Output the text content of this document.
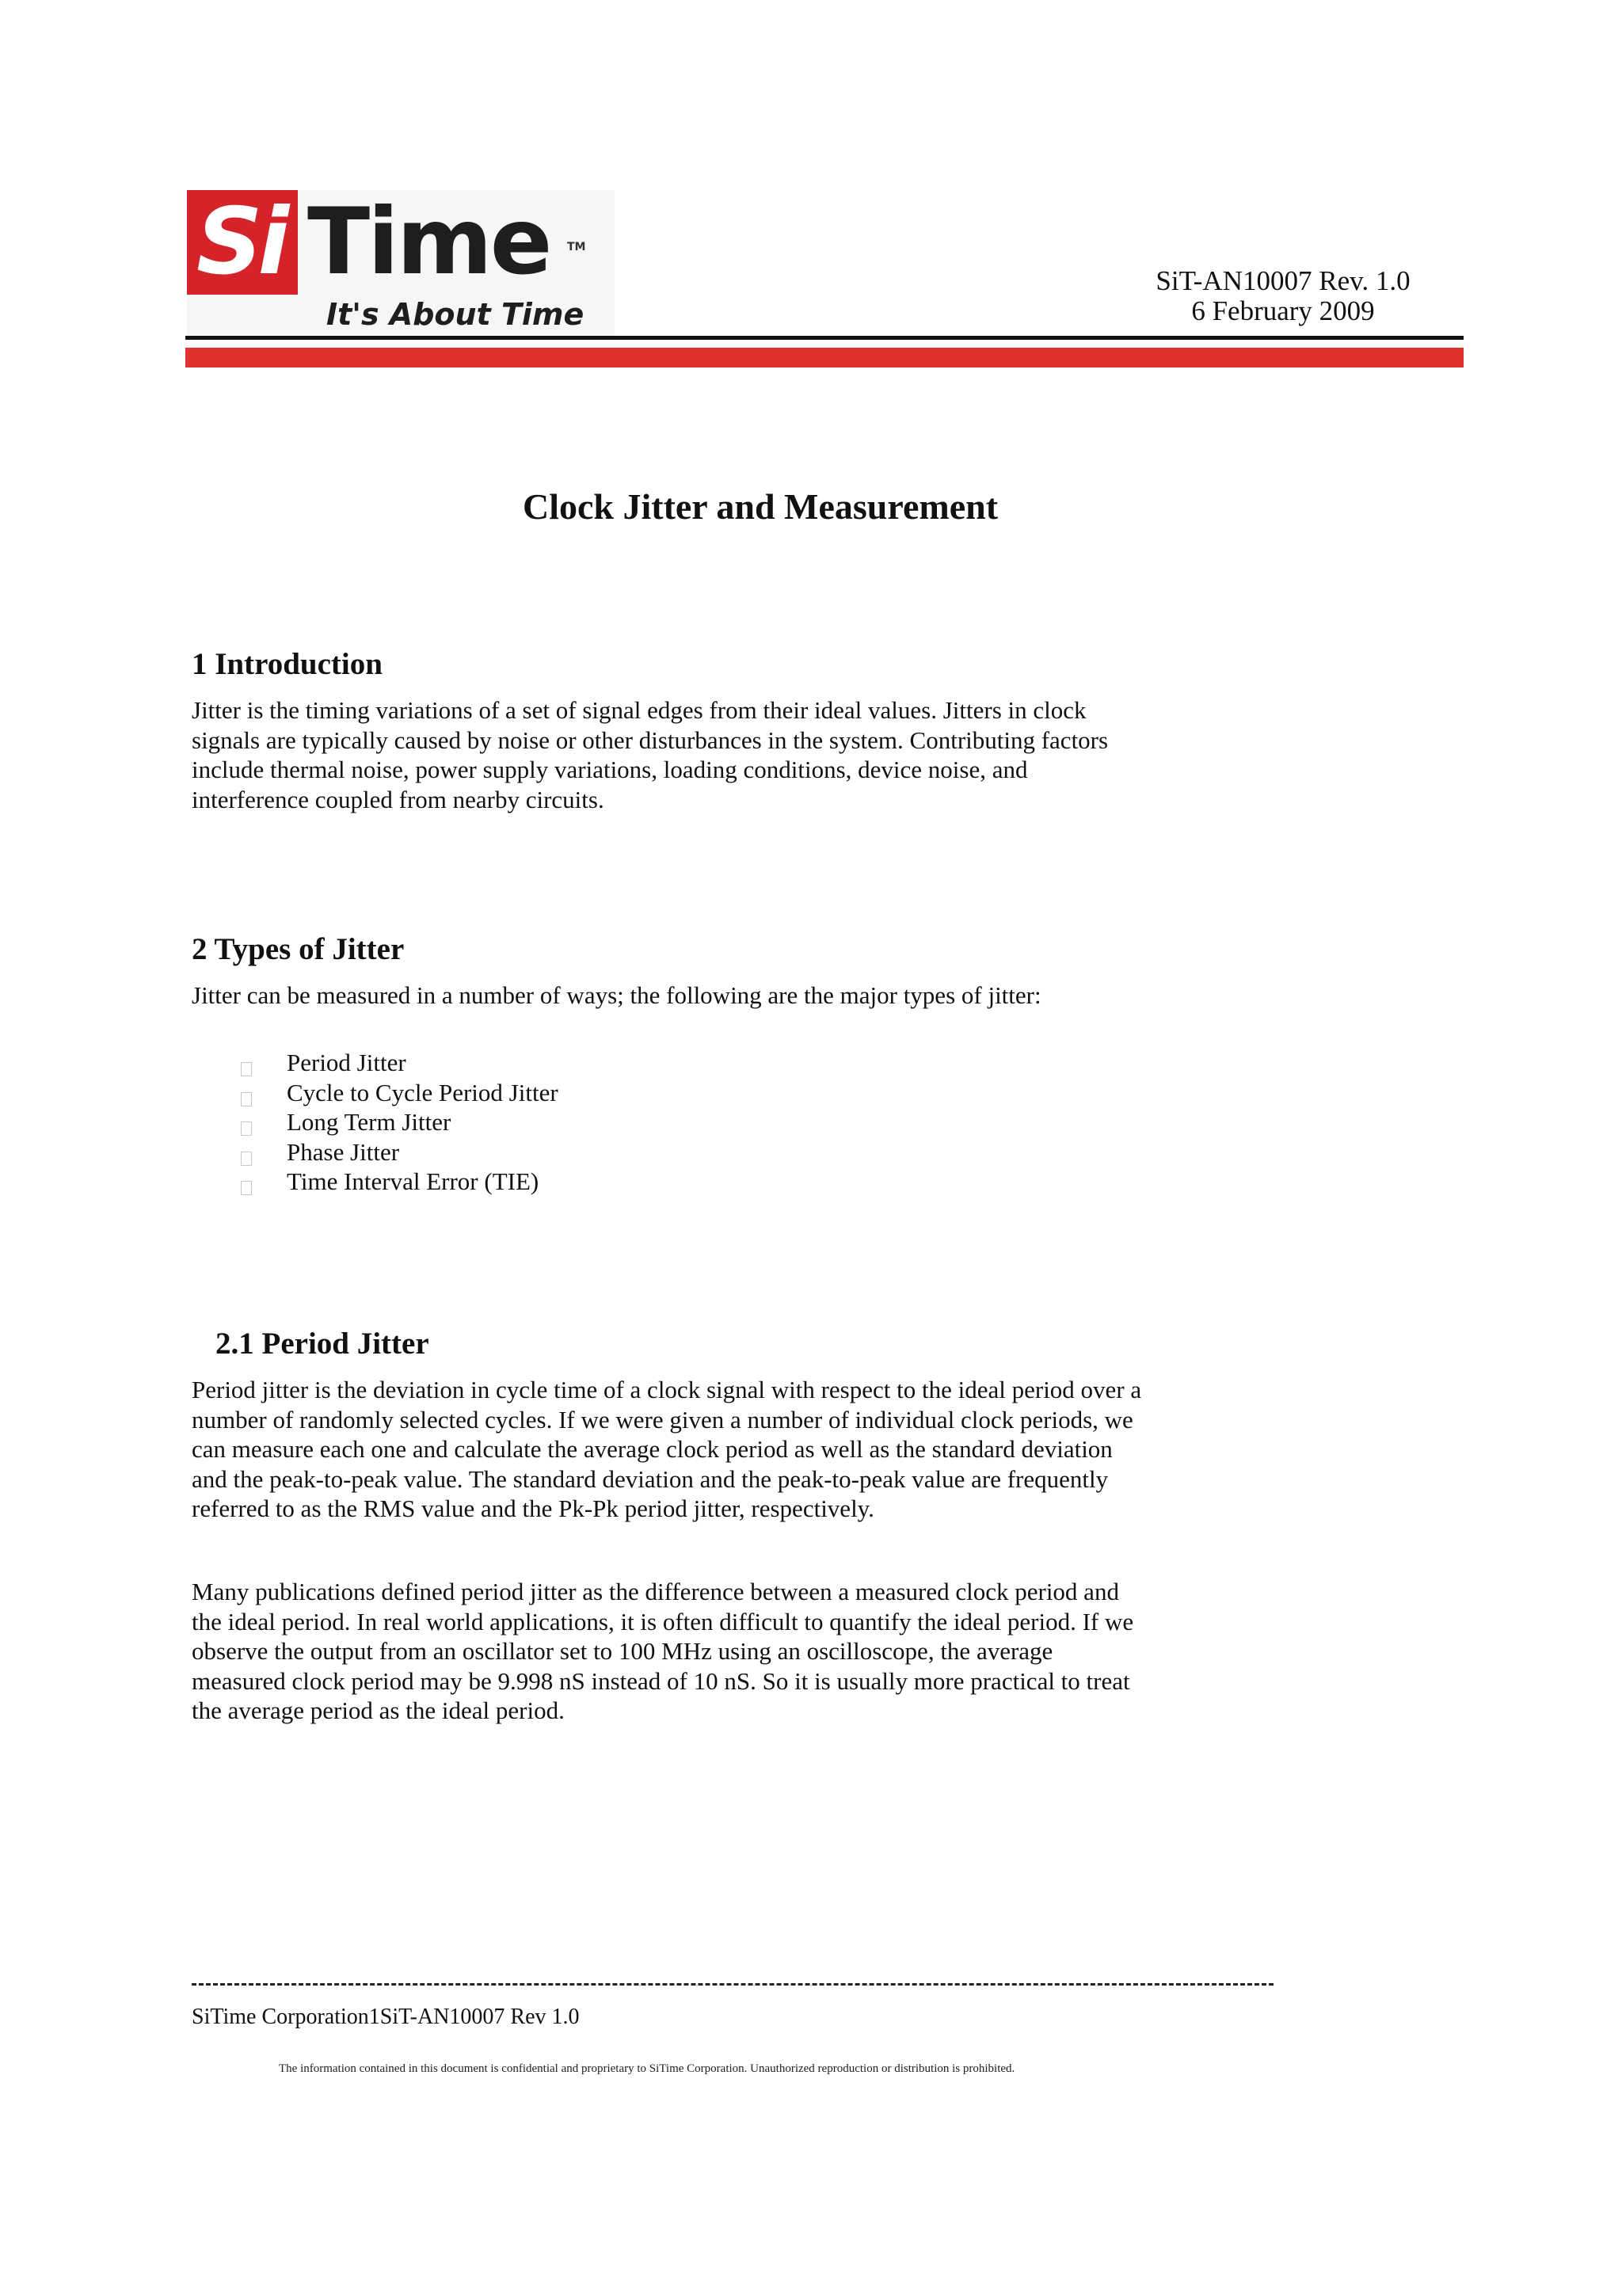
Si Time TM
It's About Time
SiT-AN10007 Rev. 1.0
6 February 2009
Clock Jitter and Measurement
1 Introduction

Jitter is the timing variations of a set of signal edges from their ideal values. Jitters in clock
signals are typically caused by noise or other disturbances in the system. Contributing factors
include thermal noise, power supply variations, loading conditions, device noise, and
interference coupled from nearby circuits.

2 Types of Jitter

Jitter can be measured in a number of ways; the following are the major types of jitter:

Period Jitter
Cycle to Cycle Period Jitter
Long Term Jitter
Phase Jitter
Time Interval Error (TIE)
2.1 Period Jitter

Period jitter is the deviation in cycle time of a clock signal with respect to the ideal period over a
number of randomly selected cycles. If we were given a number of individual clock periods, we
can measure each one and calculate the average clock period as well as the standard deviation
and the peak-to-peak value. The standard deviation and the peak-to-peak value are frequently
referred to as the RMS value and the Pk-Pk period jitter, respectively.

Many publications defined period jitter as the difference between a measured clock period and
the ideal period. In real world applications, it is often difficult to quantify the ideal period. If we
observe the output from an oscillator set to 100 MHz using an oscilloscope, the average
measured clock period may be 9.998 nS instead of 10 nS. So it is usually more practical to treat
the average period as the ideal period.

SiTime Corporation1SiT-AN10007 Rev 1.0
The information contained in this document is confidential and proprietary to SiTime Corporation. Unauthorized reproduction or distribution is prohibited.
